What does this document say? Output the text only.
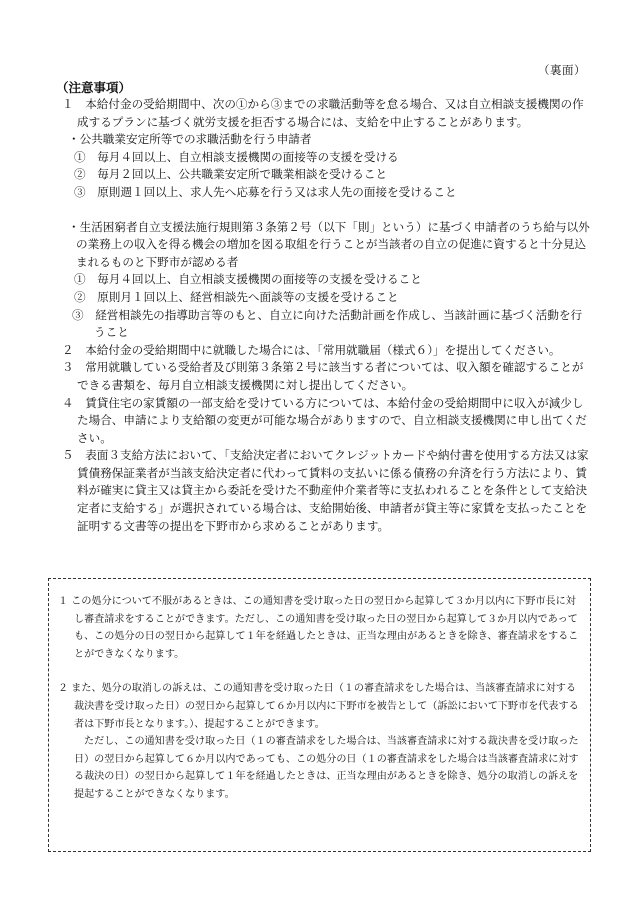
（裏面）
（注意事項）

１　本給付金の受給期間中、次の①から③までの求職活動等を怠る場合、又は自立相談支援機関の作成するプランに基づく就労支援を拒否する場合には、支給を中止することがあります。

・公共職業安定所等での求職活動を行う申請者

①　毎月４回以上、自立相談支援機関の面接等の支援を受ける

②　毎月２回以上、公共職業安定所で職業相談を受けること

③　原則週１回以上、求人先へ応募を行う又は求人先の面接を受けること

・生活困窮者自立支援法施行規則第３条第２号（以下「則」という）に基づく申請者のうち給与以外の業務上の収入を得る機会の増加を図る取組を行うことが当該者の自立の促進に資すると十分見込まれるものと下野市が認める者

①　毎月４回以上、自立相談支援機関の面接等の支援を受けること

②　原則月１回以上、経営相談先へ面談等の支援を受けること

③　経営相談先の指導助言等のもと、自立に向けた活動計画を作成し、当該計画に基づく活動を行うこと

２　本給付金の受給期間中に就職した場合には、「常用就職届（様式６）」を提出してください。

３　常用就職している受給者及び則第３条第２号に該当する者については、収入額を確認することができる書類を、毎月自立相談支援機関に対し提出してください。

４　賃貸住宅の家賃額の一部支給を受けている方については、本給付金の受給期間中に収入が減少した場合、申請により支給額の変更が可能な場合がありますので、自立相談支援機関に申し出てください。

５　表面３支給方法において、「支給決定者においてクレジットカードや納付書を使用する方法又は家賃債務保証業者が当該支給決定者に代わって賃料の支払いに係る債務の弁済を行う方法により、賃料が確実に貸主又は貸主から委託を受けた不動産仲介業者等に支払われることを条件として支給決定者に支給する」が選択されている場合は、支給開始後、申請者が貸主等に家賃を支払ったことを証明する文書等の提出を下野市から求めることがあります。

１ この処分について不服があるときは、この通知書を受け取った日の翌日から起算して３か月以内に下野市長に対し審査請求をすることができます。ただし、この通知書を受け取った日の翌日から起算して３か月以内であっても、この処分の日の翌日から起算して１年を経過したときは、正当な理由があるときを除き、審査請求をすることができなくなります。

２ また、処分の取消しの訴えは、この通知書を受け取った日（１の審査請求をした場合は、当該審査請求に対する裁決書を受け取った日）の翌日から起算して６か月以内に下野市を被告として（訴訟において下野市を代表する者は下野市長となります。）、提起することができます。

ただし、この通知書を受け取った日（１の審査請求をした場合は、当該審査請求に対する裁決書を受け取った日）の翌日から起算して６か月以内であっても、この処分の日（１の審査請求をした場合は当該審査請求に対する裁決の日）の翌日から起算して１年を経過したときは、正当な理由があるときを除き、処分の取消しの訴えを提起することができなくなります。
